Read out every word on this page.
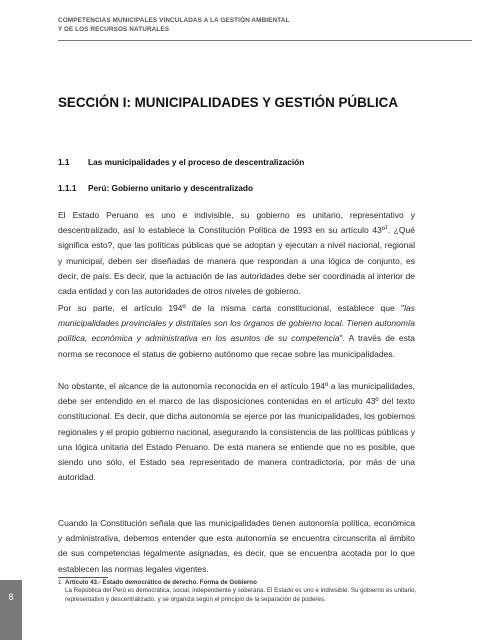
COMPETENCIAS MUNICIPALES VINCULADAS A LA GESTIÓN AMBIENTAL
Y DE LOS RECURSOS NATURALES
SECCIÓN I: MUNICIPALIDADES Y GESTIÓN PÚBLICA
1.1 Las municipalidades y el proceso de descentralización
1.1.1 Perú: Gobierno unitario y descentralizado

El Estado Peruano es uno e indivisible, su gobierno es unitario, representativo y descentralizado, así lo establece la Constitución Política de 1993 en su artículo 43º$^1$. ¿Qué significa esto?, que las políticas públicas que se adoptan y ejecutan a nivel nacional, regional y municipal, deben ser diseñadas de manera que respondan a una lógica de conjunto, es decir, de país. Es decir, que la actuación de las autoridades debe ser coordinada al interior de cada entidad y con las autoridades de otros niveles de gobierno.

Por su parte, el artículo 194º de la misma carta constitucional, establece que "las municipalidades provinciales y distritales son los órganos de gobierno local. Tienen autonomía política, económica y administrativa en los asuntos de su competencia". A través de esta norma se reconoce el status de gobierno autónomo que recae sobre las municipalidades.

No obstante, el alcance de la autonomía reconocida en el artículo 194º a las municipalidades, debe ser entendido en el marco de las disposiciones contenidas en el artículo 43º del texto constitucional. Es decir, que dicha autonomía se ejerce por las municipalidades, los gobiernos regionales y el propio gobierno nacional, asegurando la consistencia de las políticas públicas y una lógica unitaria del Estado Peruano. De esta manera se entiende que no es posible, que siendo uno sólo, el Estado sea representado de manera contradictoria, por más de una autoridad.

Cuando la Constitución señala que las municipalidades tienen autonomía política, económica y administrativa, debemos entender que esta autonomía se encuentra circunscrita al ámbito de sus competencias legalmente asignadas, es decir, que se encuentra acotada por lo que establecen las normas legales vigentes.

1 Artículo 43.- Estado democrático de derecho. Forma de Gobierno
La República del Perú es democrática, social, independiente y soberana. El Estado es uno e indivisible. Su gobierno es unitario, representativo y descentralizado, y se organiza según el principio de la separación de poderes.
8
